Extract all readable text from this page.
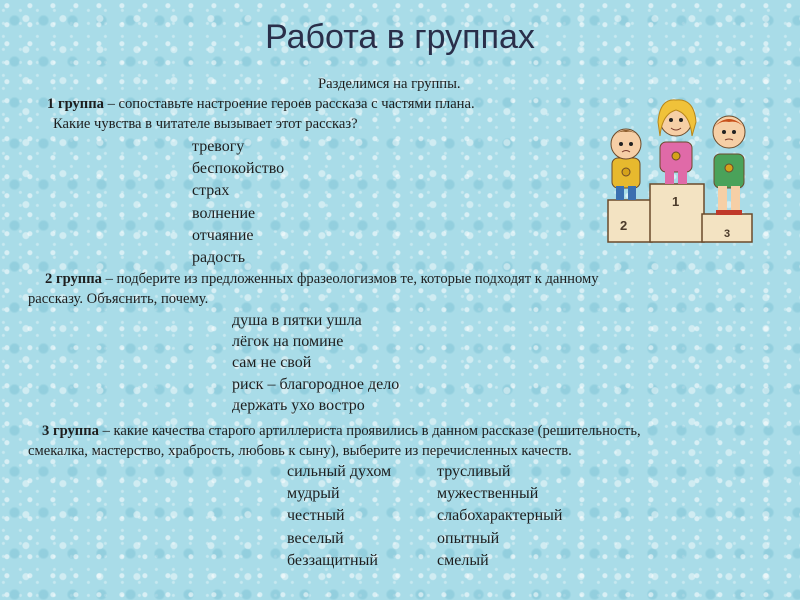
Работа в группах
Разделимся на группы.
1 группа – сопоставьте настроение героев рассказа с частями плана.
Какие чувства в читателе вызывает этот рассказ?
тревогу
беспокойство
страх
волнение
отчаяние
радость
2 группа – подберите из предложенных фразеологизмов те, которые подходят к данному
рассказу. Объяснить, почему.
душа в пятки ушла
лёгок на помине
сам не свой
риск – благородное дело
держать ухо востро
3 группа – какие качества старого артиллериста проявились в данном рассказе (решительность,
смекалка, мастерство, храбрость, любовь к сыну), выберите из перечисленных качеств.
сильный духом
мудрый
честный
веселый
беззащитный
трусливый
мужественный
слабохарактерный
опытный
смелый
1
2
3
